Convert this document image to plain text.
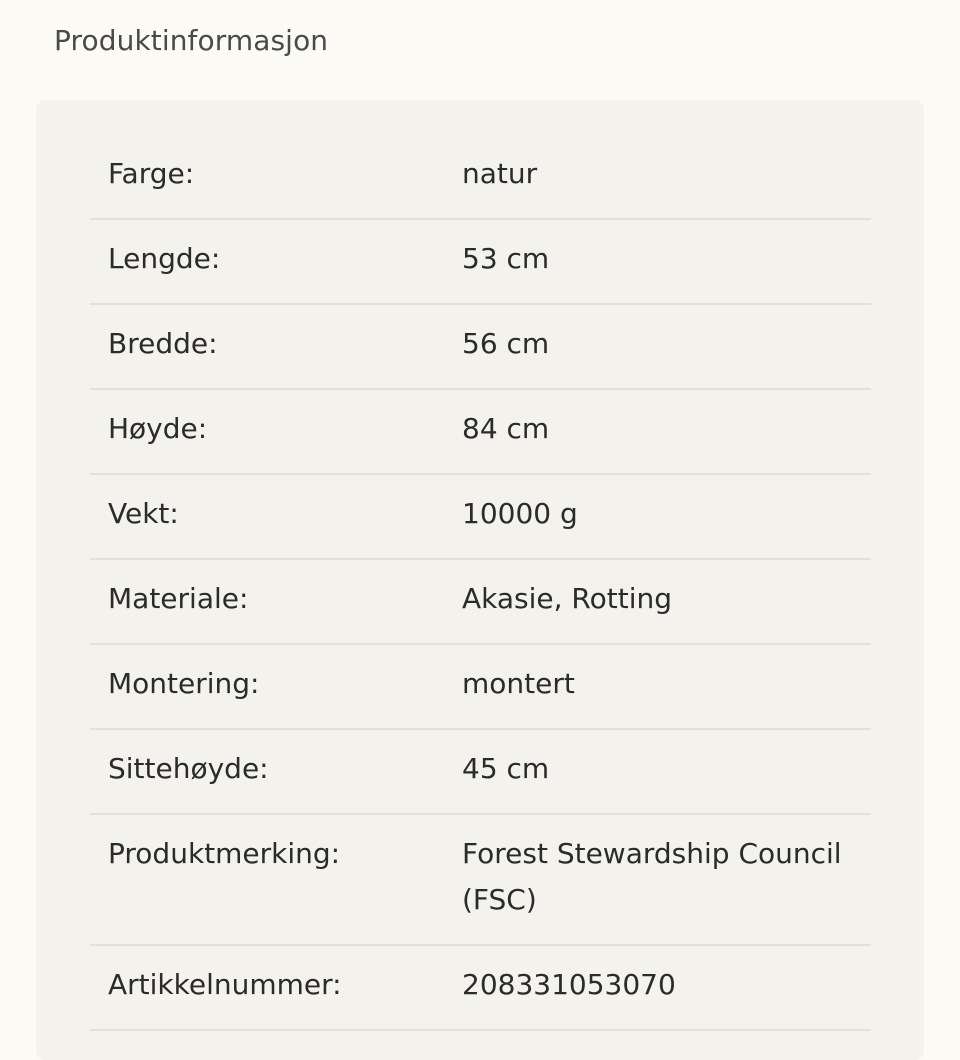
Produktinformasjon
Farge:	natur
Lengde:	53 cm
Bredde:	56 cm
Høyde:	84 cm
Vekt:	10000 g
Materiale:	Akasie, Rotting
Montering:	montert
Sittehøyde:	45 cm
Produktmerking:	Forest Stewardship Council (FSC)
Artikkelnummer:	208331053070
